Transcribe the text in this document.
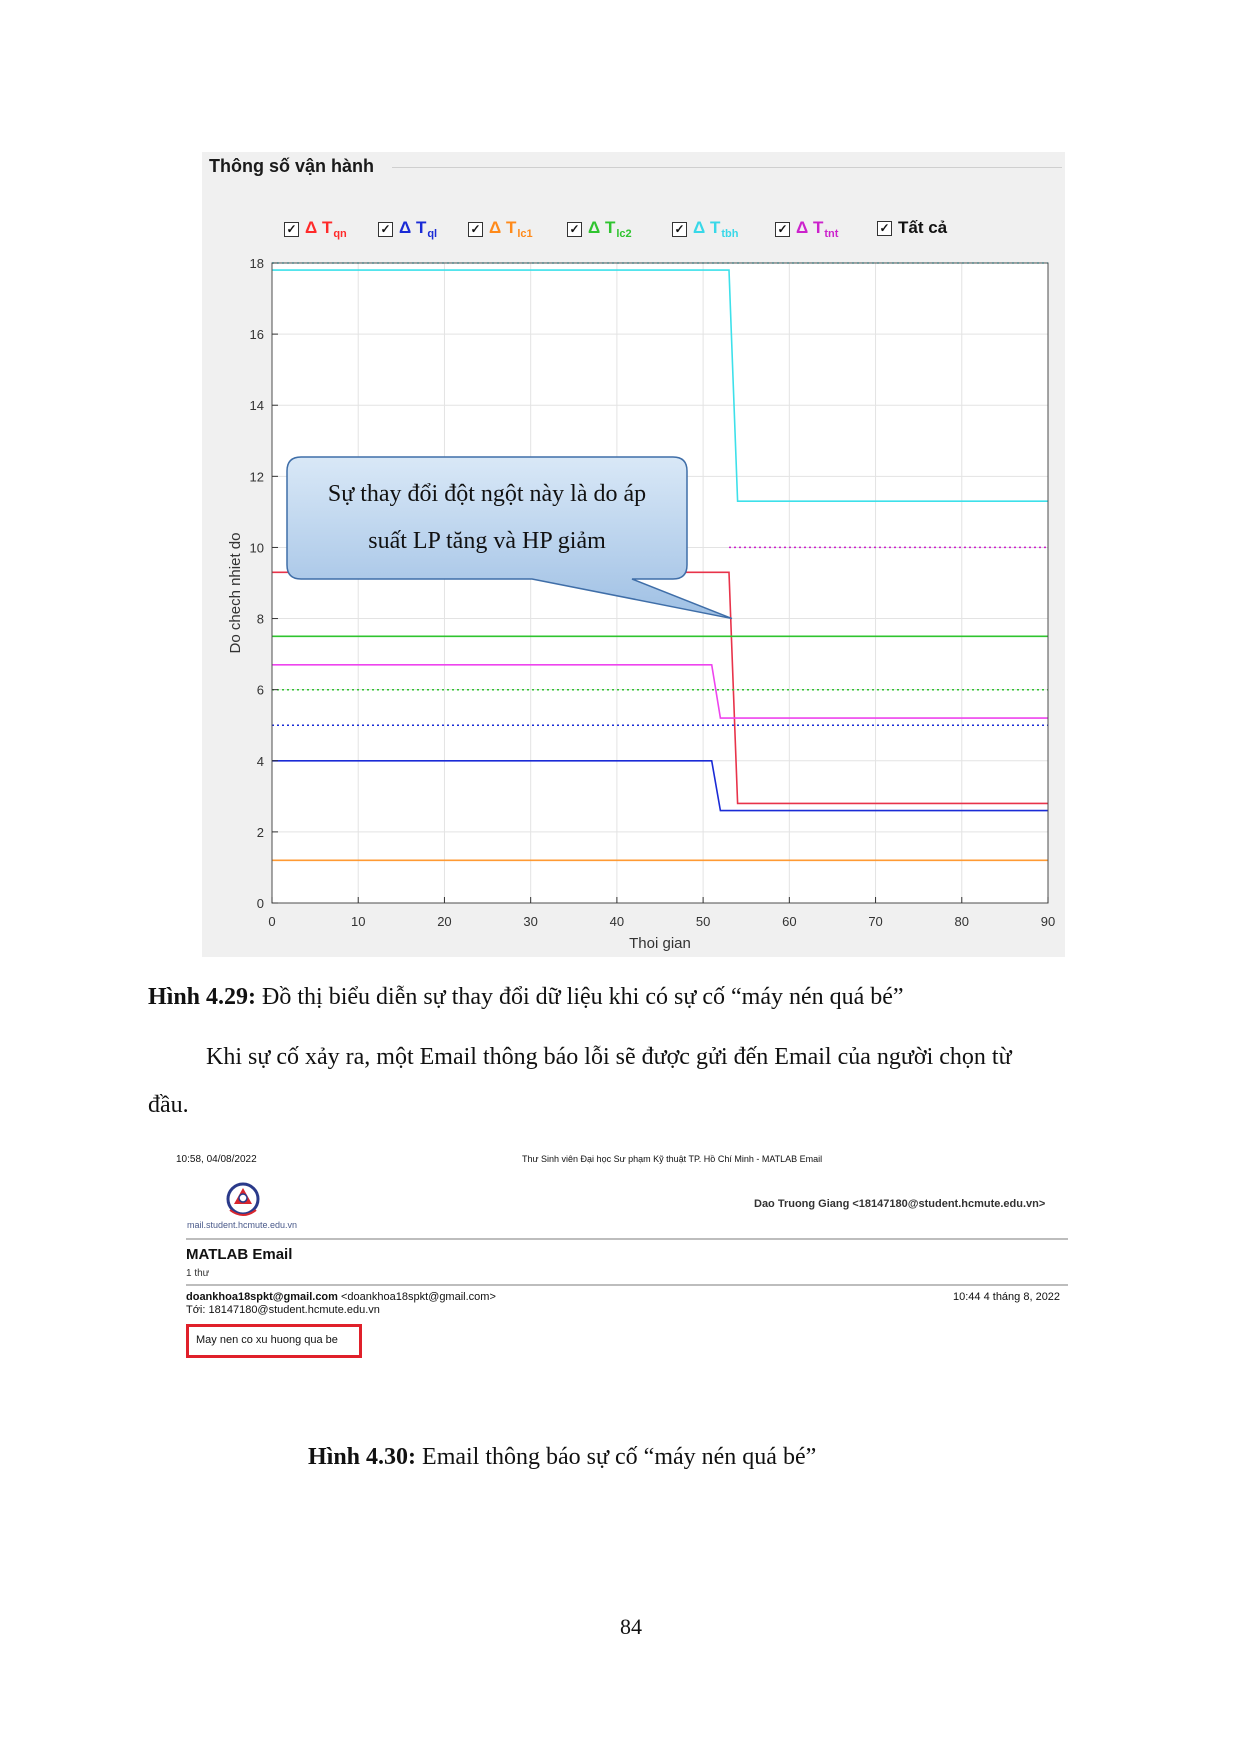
0	10	20	30	40	50	60	70	80	90
0
2
4
6
8
10
12
14
16
18
Thoi gian
Do chech nhiet do
Sự thay đổi đột ngột này là do áp
suất LP tăng và HP giảm
Thông số vận hành
✓ Δ $T_{qn}$	✓ Δ $T_{ql}$	✓ Δ $T_{lc1}$	✓ Δ $T_{lc2}$	✓ Δ $T_{tbh}$	✓ Δ $T_{tnt}$	✓ Tất cả
Hình 4.29: Đồ thị biểu diễn sự thay đổi dữ liệu khi có sự cố “máy nén quá bé”
Khi sự cố xảy ra, một Email thông báo lỗi sẽ được gửi đến Email của người chọn từ
đầu.
10:58, 04/08/2022	Thư Sinh viên Đại học Sư phạm Kỹ thuật TP. Hồ Chí Minh - MATLAB Email
mail.student.hcmute.edu.vn
Dao Truong Giang <18147180@student.hcmute.edu.vn>
MATLAB Email
1 thư
doankhoa18spkt@gmail.com <doankhoa18spkt@gmail.com>	10:44 4 tháng 8, 2022
Tới: 18147180@student.hcmute.edu.vn
May nen co xu huong qua be
Hình 4.30: Email thông báo sự cố “máy nén quá bé”
84
